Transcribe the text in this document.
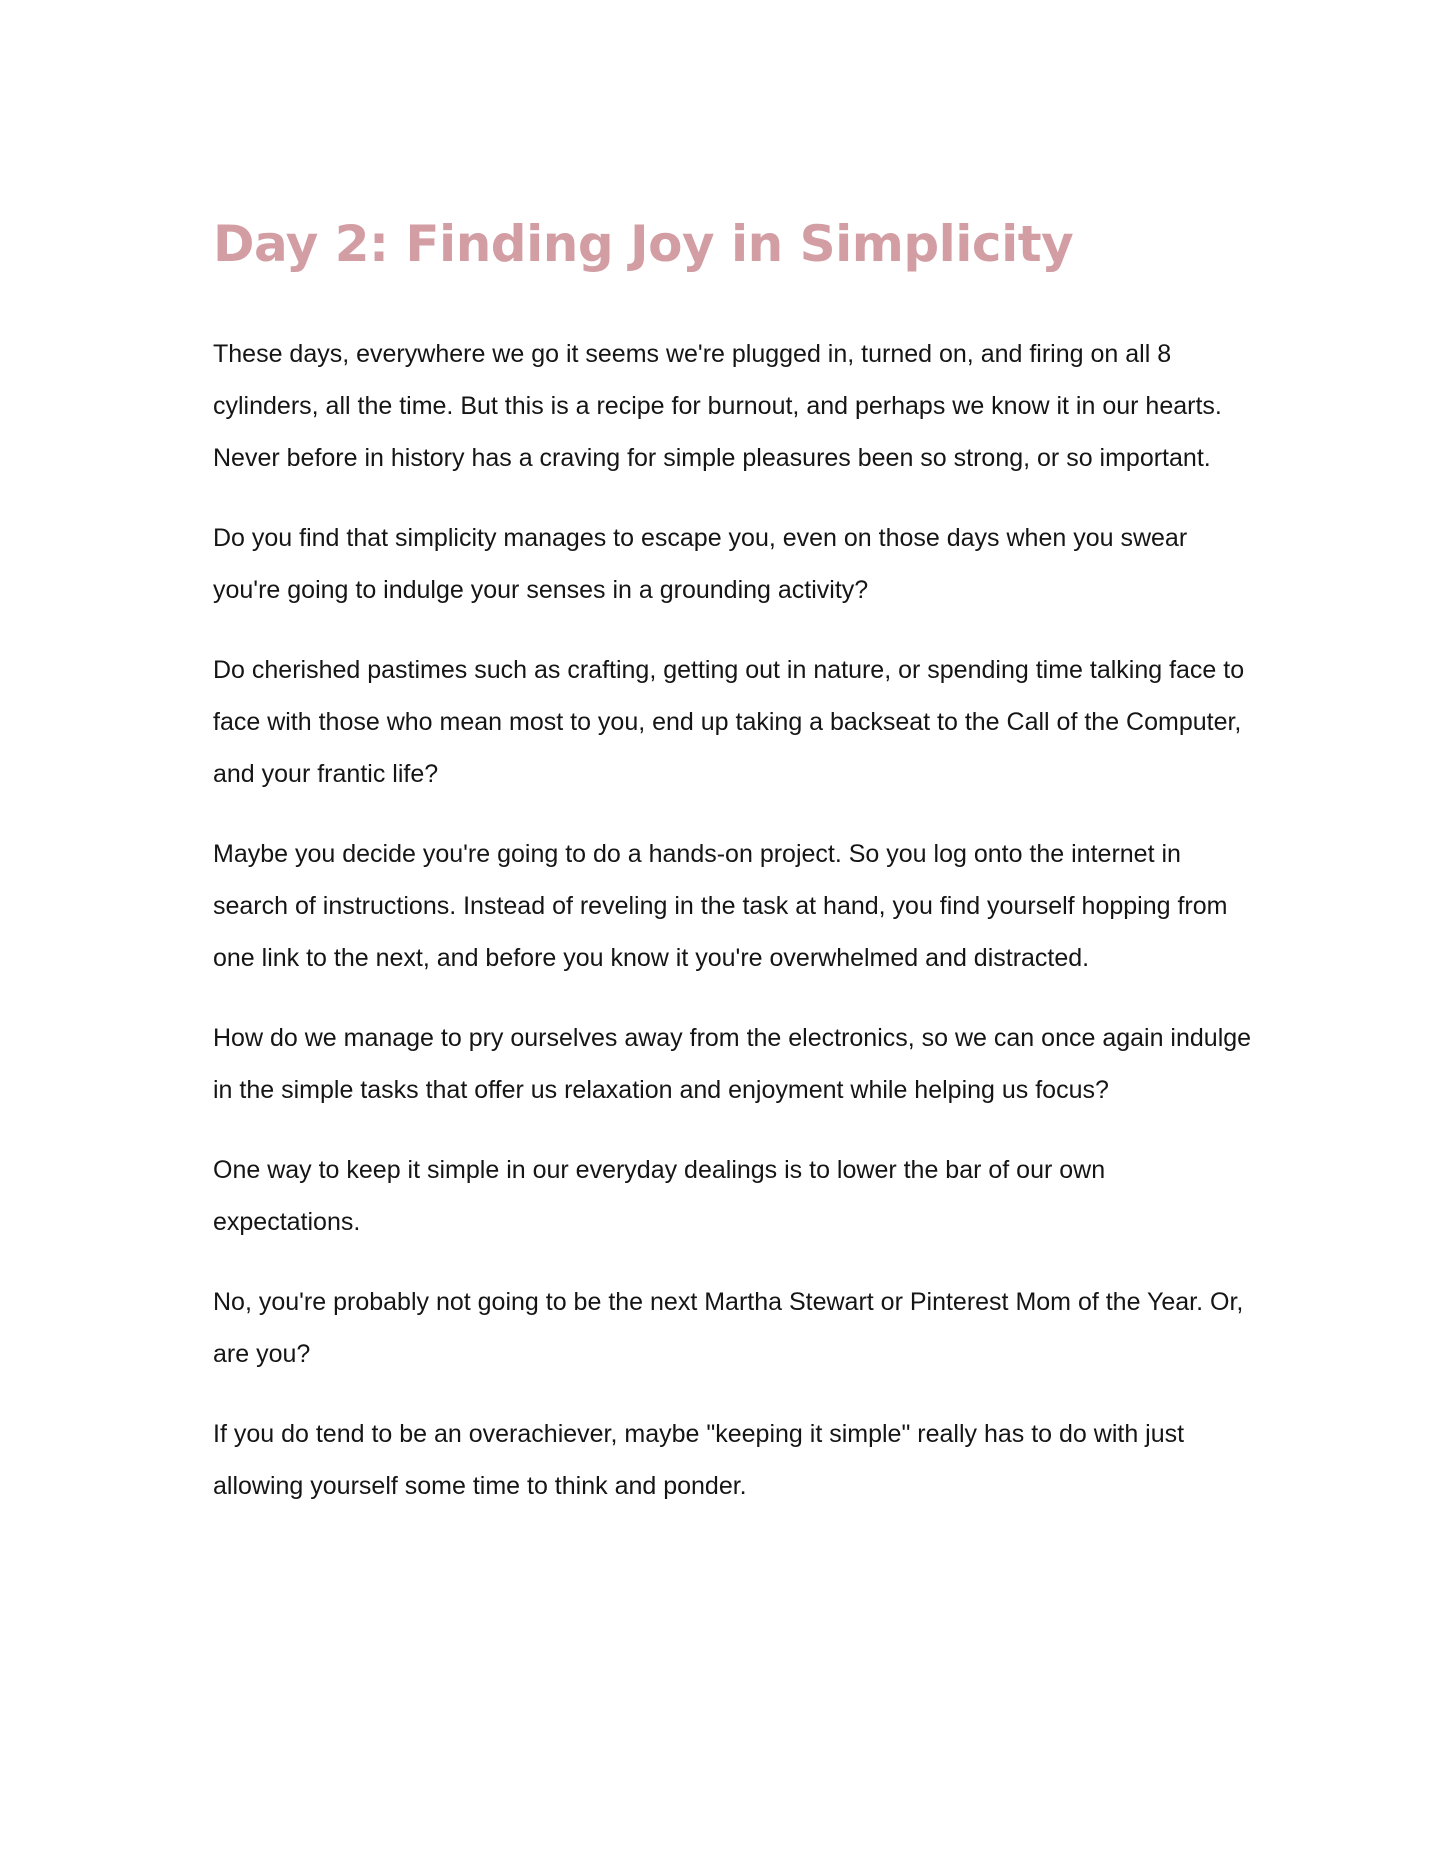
Day 2: Finding Joy in Simplicity

These days, everywhere we go it seems we're plugged in, turned on, and firing on all 8 cylinders, all the time. But this is a recipe for burnout, and perhaps we know it in our hearts. Never before in history has a craving for simple pleasures been so strong, or so important.

Do you find that simplicity manages to escape you, even on those days when you swear you're going to indulge your senses in a grounding activity?

Do cherished pastimes such as crafting, getting out in nature, or spending time talking face to face with those who mean most to you, end up taking a backseat to the Call of the Computer, and your frantic life?

Maybe you decide you're going to do a hands-on project. So you log onto the internet in search of instructions. Instead of reveling in the task at hand, you find yourself hopping from one link to the next, and before you know it you're overwhelmed and distracted.

How do we manage to pry ourselves away from the electronics, so we can once again indulge in the simple tasks that offer us relaxation and enjoyment while helping us focus?

One way to keep it simple in our everyday dealings is to lower the bar of our own expectations.

No, you're probably not going to be the next Martha Stewart or Pinterest Mom of the Year. Or, are you?

If you do tend to be an overachiever, maybe "keeping it simple" really has to do with just allowing yourself some time to think and ponder.
